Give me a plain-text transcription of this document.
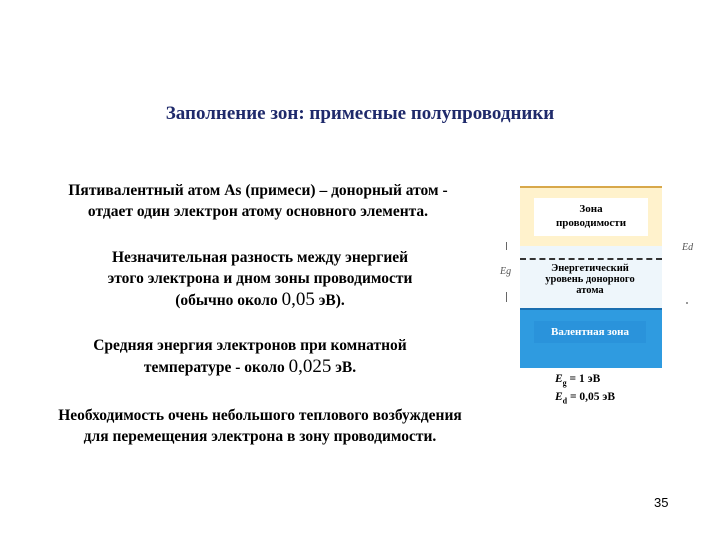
Заполнение зон: примесные полупроводники
Пятивалентный атом As (примеси) – донорный атом -
отдает один электрон атому основного элемента.
Незначительная разность между энергией
этого электрона и дном зоны проводимости
(обычно около 0,05 эВ).
Средняя энергия электронов при комнатной
температуре - около 0,025 эВ.
Необходимость очень небольшого теплового возбуждения
для перемещения электрона в зону проводимости.
Зона
проводимости
Энергетический
уровень донорного
атома
Валентная зона
Eg
Ed
$E_g = 1$ эВ
$E_d = 0,05$ эВ
35
